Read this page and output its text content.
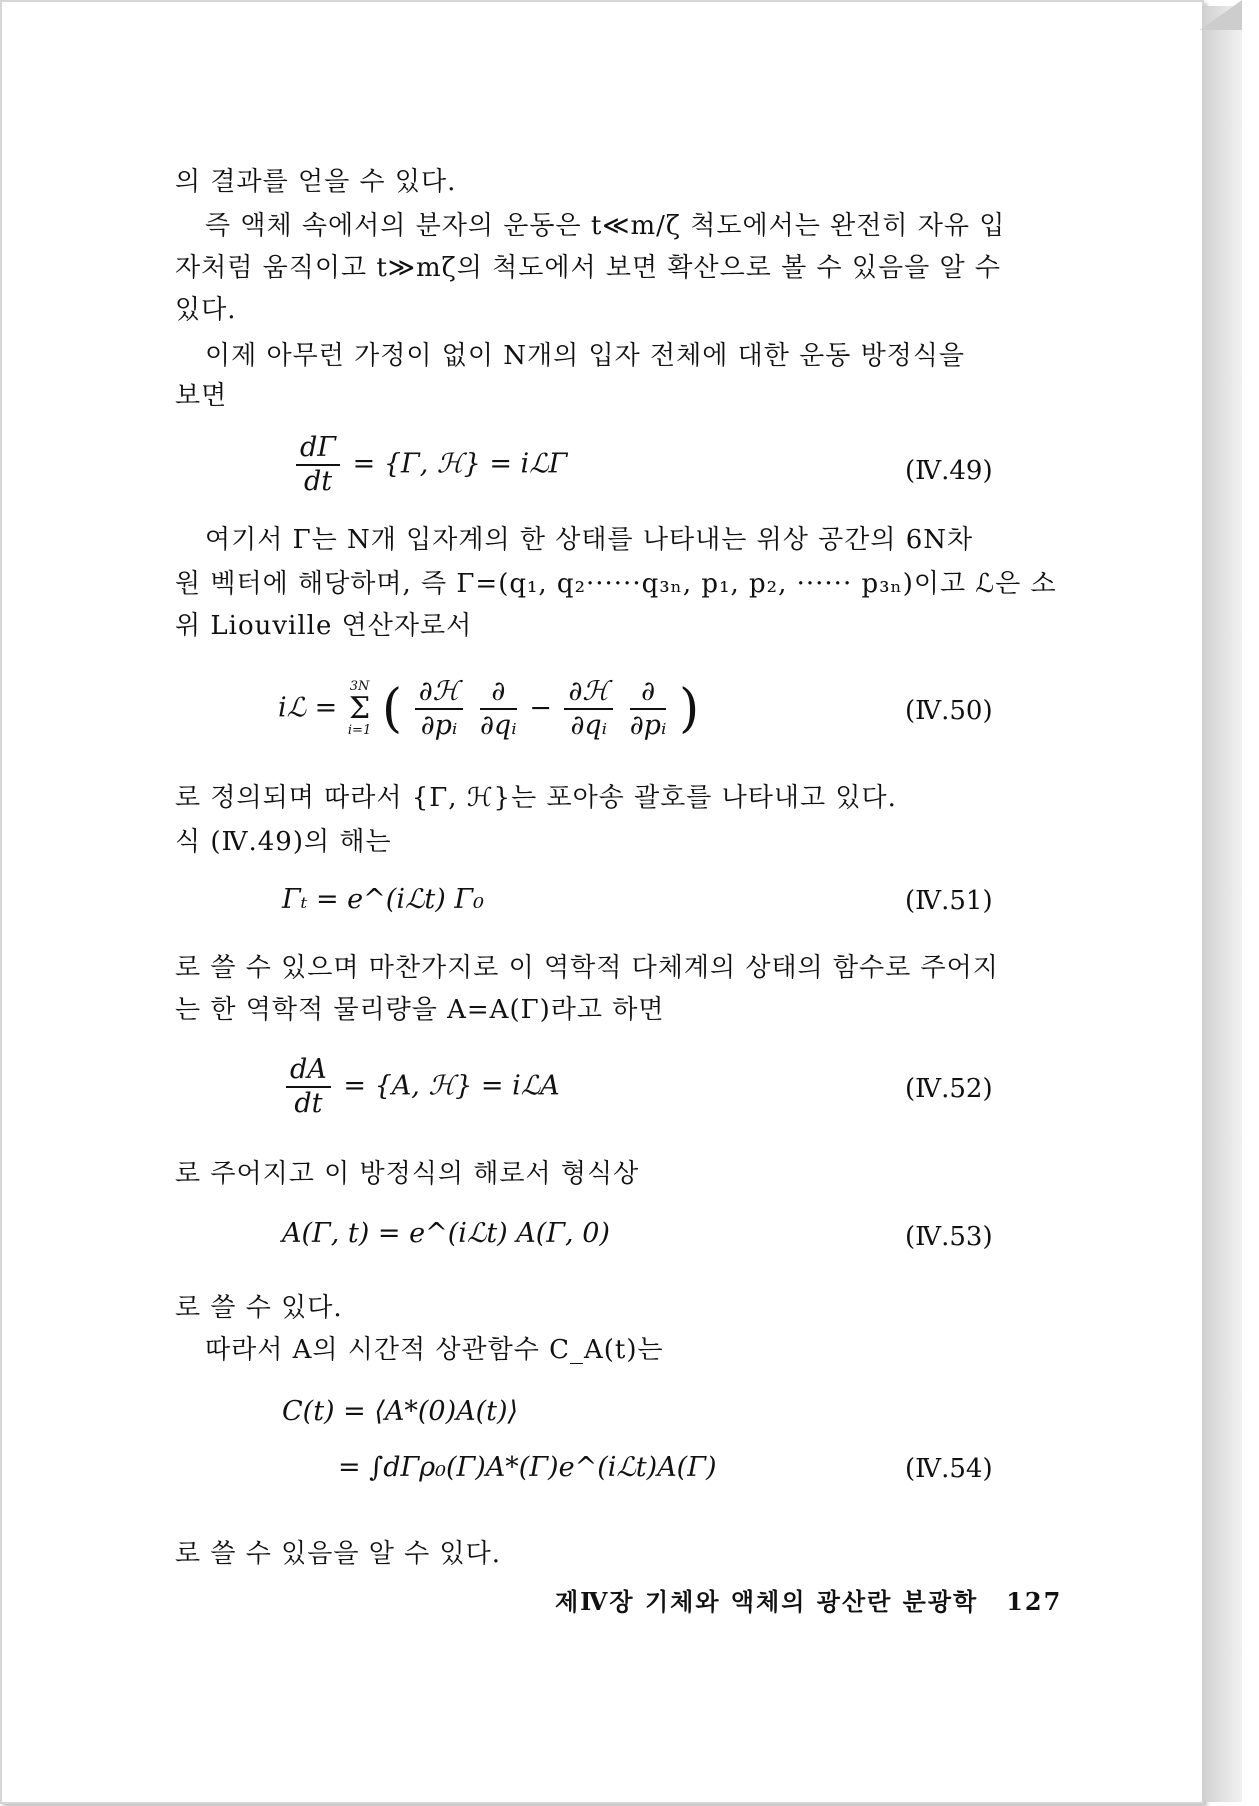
의 결과를 얻을 수 있다.

즉 액체 속에서의 분자의 운동은 t≪m/ζ 척도에서는 완전히 자유 입

자처럼 움직이고 t≫mζ의 척도에서 보면 확산으로 볼 수 있음을 알 수

있다.

이제 아무런 가정이 없이 N개의 입자 전체에 대한 운동 방정식을

보면

$\frac{d\Gamma}{dt} = \{\Gamma$, ℋ} = iℒΓ	(Ⅳ.49)

여기서 Γ는 N개 입자계의 한 상태를 나타내는 위상 공간의 6N차

원 벡터에 해당하며, 즉 Γ=(q₁, q₂······q₃ₙ, p₁, p₂, ······ p₃ₙ)이고 ℒ은 소

위 Liouville 연산자로서

iℒ =
3N
Σ
i=1 ( $\frac{\text{∂ℋ}}{\text{∂pᵢ}}$
$\frac{\partial}{\text{∂qᵢ}} - \frac{\text{∂ℋ}}{\text{∂qᵢ}}$
$\frac{\partial}{\text{∂pᵢ}}$ )	(Ⅳ.50)

로 정의되며 따라서 {Γ, ℋ}는 포아송 괄호를 나타내고 있다.

식 (Ⅳ.49)의 해는

Γₜ = e^(iℒt) Γ₀	(Ⅳ.51)

로 쓸 수 있으며 마찬가지로 이 역학적 다체계의 상태의 함수로 주어지

는 한 역학적 물리량을 A=A(Γ)라고 하면

$\frac{dA}{dt} = \{A$, ℋ} = iℒA	(Ⅳ.52)

로 주어지고 이 방정식의 해로서 형식상

A(Γ, t) = e^(iℒt) A(Γ, 0)	(Ⅳ.53)

로 쓸 수 있다.

따라서 A의 시간적 상관함수 C_A(t)는

C(t) = ⟨A*(0)A(t)⟩
= ∫dΓρ₀(Γ)A*(Γ)e^(iℒt)A(Γ)	(Ⅳ.54)

로 쓸 수 있음을 알 수 있다.

제Ⅳ장 기체와 액체의 광산란 분광학 127
